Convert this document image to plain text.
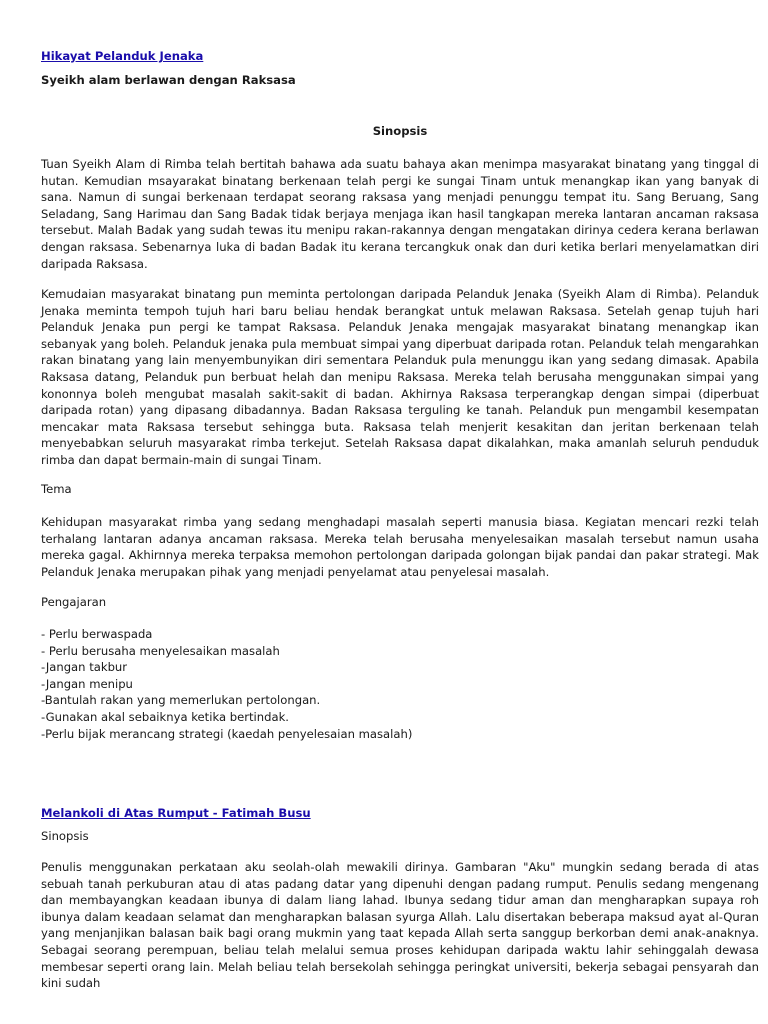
Hikayat Pelanduk Jenaka

Syeikh alam berlawan dengan Raksasa

Sinopsis

Tuan Syeikh Alam di Rimba telah bertitah bahawa ada suatu bahaya akan menimpa masyarakat binatang yang tinggal di hutan. Kemudian msayarakat binatang berkenaan telah pergi ke sungai Tinam untuk menangkap ikan yang banyak di sana. Namun di sungai berkenaan terdapat seorang raksasa yang menjadi penunggu tempat itu. Sang Beruang, Sang Seladang, Sang Harimau dan Sang Badak tidak berjaya menjaga ikan hasil tangkapan mereka lantaran ancaman raksasa tersebut. Malah Badak yang sudah tewas itu menipu rakan-rakannya dengan mengatakan dirinya cedera kerana berlawan dengan raksasa. Sebenarnya luka di badan Badak itu kerana tercangkuk onak dan duri ketika berlari menyelamatkan diri daripada Raksasa.

Kemudaian masyarakat binatang pun meminta pertolongan daripada Pelanduk Jenaka (Syeikh Alam di Rimba). Pelanduk Jenaka meminta tempoh tujuh hari baru beliau hendak berangkat untuk melawan Raksasa. Setelah genap tujuh hari Pelanduk Jenaka pun pergi ke tampat Raksasa. Pelanduk Jenaka mengajak masyarakat binatang menangkap ikan sebanyak yang boleh. Pelanduk jenaka pula membuat simpai yang diperbuat daripada rotan. Pelanduk telah mengarahkan rakan binatang yang lain menyembunyikan diri sementara Pelanduk pula menunggu ikan yang sedang dimasak. Apabila Raksasa datang, Pelanduk pun berbuat helah dan menipu Raksasa. Mereka telah berusaha menggunakan simpai yang kononnya boleh mengubat masalah sakit-sakit di badan. Akhirnya Raksasa terperangkap dengan simpai (diperbuat daripada rotan) yang dipasang dibadannya. Badan Raksasa terguling ke tanah. Pelanduk pun mengambil kesempatan mencakar mata Raksasa tersebut sehingga buta. Raksasa telah menjerit kesakitan dan jeritan berkenaan telah menyebabkan seluruh masyarakat rimba terkejut. Setelah Raksasa dapat dikalahkan, maka amanlah seluruh penduduk rimba dan dapat bermain-main di sungai Tinam.

Tema

Kehidupan masyarakat rimba yang sedang menghadapi masalah seperti manusia biasa. Kegiatan mencari rezki telah terhalang lantaran adanya ancaman raksasa. Mereka telah berusaha menyelesaikan masalah tersebut namun usaha mereka gagal. Akhirnnya mereka terpaksa memohon pertolongan daripada golongan bijak pandai dan pakar strategi. Mak Pelanduk Jenaka merupakan pihak yang menjadi penyelamat atau penyelesai masalah.

Pengajaran

- Perlu berwaspada
- Perlu berusaha menyelesaikan masalah
-Jangan takbur
-Jangan menipu
-Bantulah rakan yang memerlukan pertolongan.
-Gunakan akal sebaiknya ketika bertindak.
-Perlu bijak merancang strategi (kaedah penyelesaian masalah)
Melankoli di Atas Rumput - Fatimah Busu

Sinopsis

Penulis menggunakan perkataan aku seolah-olah mewakili dirinya. Gambaran "Aku" mungkin sedang berada di atas sebuah tanah perkuburan atau di atas padang datar yang dipenuhi dengan padang rumput. Penulis sedang mengenang dan membayangkan keadaan ibunya di dalam liang lahad. Ibunya sedang tidur aman dan mengharapkan supaya roh ibunya dalam keadaan selamat dan mengharapkan balasan syurga Allah. Lalu disertakan beberapa maksud ayat al-Quran yang menjanjikan balasan baik bagi orang mukmin yang taat kepada Allah serta sanggup berkorban demi anak-anaknya. Sebagai seorang perempuan, beliau telah melalui semua proses kehidupan daripada waktu lahir sehinggalah dewasa membesar seperti orang lain. Melah beliau telah bersekolah sehingga peringkat universiti, bekerja sebagai pensyarah dan kini sudah
